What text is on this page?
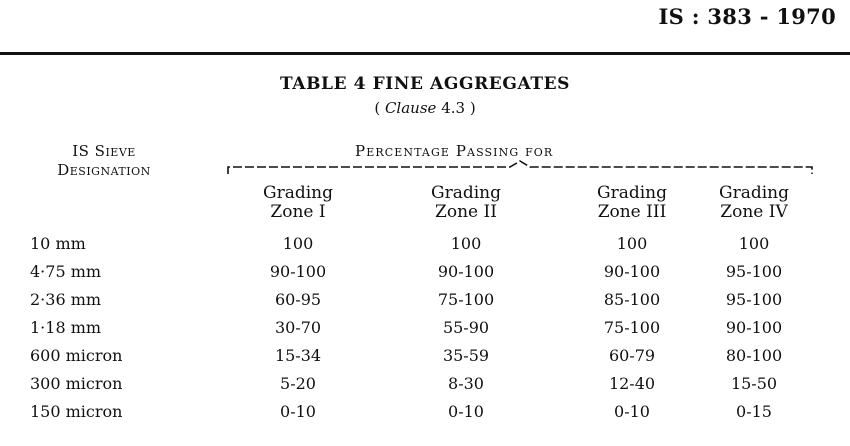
IS : 383 - 1970
TABLE 4 FINE AGGREGATES
( Clause 4.3 )
IS Sieve
Designation
Percentage Passing for
Grading
Zone I
Grading
Zone II
Grading
Zone III
Grading
Zone IV
10 mm	100	100	100	100
4·75 mm	90-100	90-100	90-100	95-100
2·36 mm	60-95	75-100	85-100	95-100
1·18 mm	30-70	55-90	75-100	90-100
600 micron	15-34	35-59	60-79	80-100
300 micron	5-20	8-30	12-40	15-50
150 micron	0-10	0-10	0-10	0-15
